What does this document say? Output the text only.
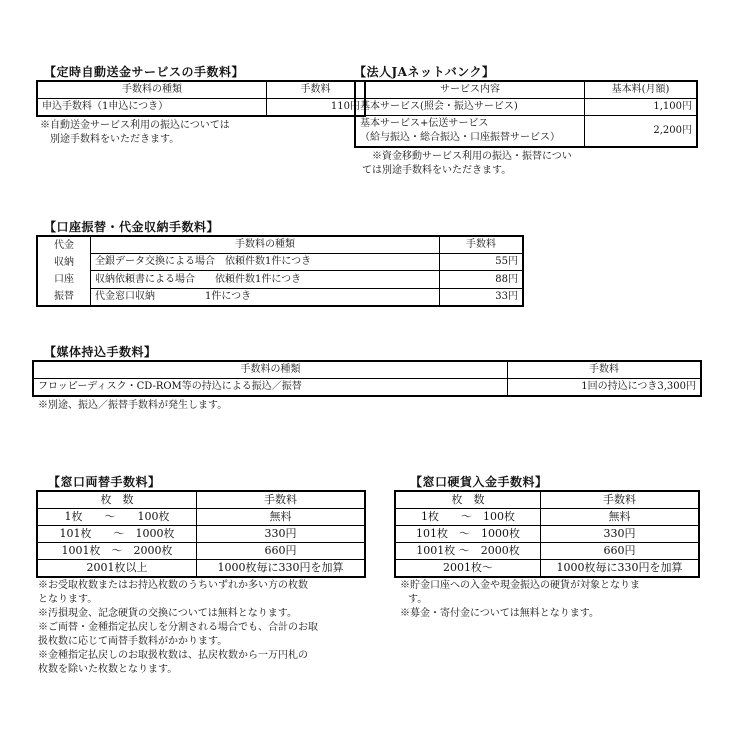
【定時自動送金サービスの手数料】
手数料の種類	手数料
申込手数料（1申込につき）	110円
※自動送金サービス利用の振込については
　別途手数料をいただきます。
【法人JAネットバンク】
サービス内容	基本料(月額)
基本サービス(照会・振込サービス)	1,100円

基本サービス+伝送サービス
（給与振込・総合振込・口座振替サービス）	2,200円
　※資金移動サービス利用の振込・振替につい
ては別途手数料をいただきます。
【口座振替・代金収納手数料】
代金
収納
口座
振替	手数料の種類	手数料
	全銀データ交換による場合　依頼件数1件につき	55円
	収納依頼書による場合　　依頼件数1件につき	88円
	代金窓口収納　　　　　1件につき	33円
【媒体持込手数料】
手数料の種類	手数料
フロッピーディスク・CD-ROM等の持込による振込／振替	1回の持込につき3,300円
※別途、振込／振替手数料が発生します。
【窓口両替手数料】
枚　数	手数料
1枚　　～　　100枚	無料
101枚　　～　1000枚	330円
1001枚　～　2000枚	660円
2001枚以上	1000枚毎に330円を加算
※お受取枚数またはお持込枚数のうちいずれか多い方の枚数
となります。
※汚損現金、記念硬貨の交換については無料となります。
※ご両替・金種指定払戻しを分割される場合でも、合計のお取
扱枚数に応じて両替手数料がかかります。
※金種指定払戻しのお取扱枚数は、払戻枚数から一万円札の
枚数を除いた枚数となります。
【窓口硬貨入金手数料】
枚　数	手数料
1枚　　～　100枚	無料
101枚　～　1000枚	330円
1001枚 ～　2000枚	660円
2001枚～	1000枚毎に330円を加算
※貯金口座への入金や現金振込の硬貨が対象となりま
す。
※募金・寄付金については無料となります。
